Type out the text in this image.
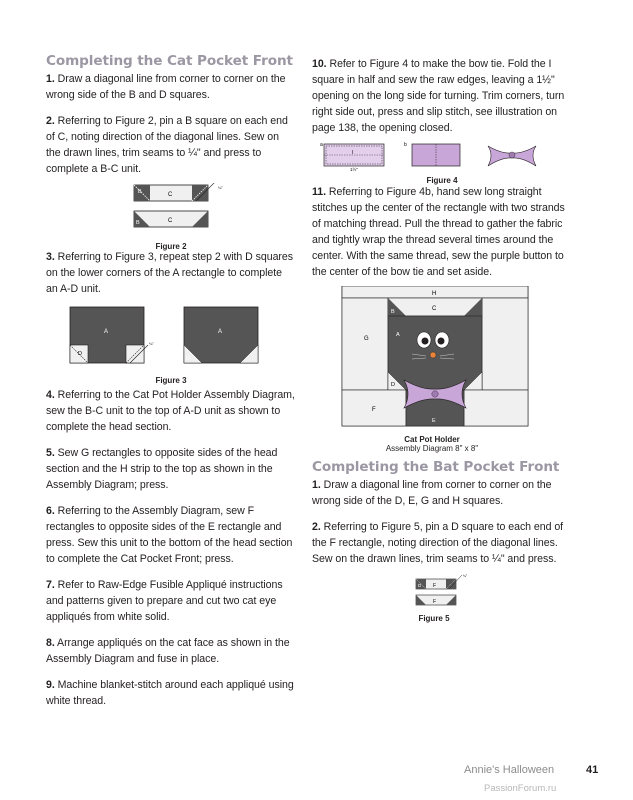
Completing the Cat Pocket Front

1. Draw a diagonal line from corner to corner on the wrong side of the B and D squares.

2. Referring to Figure 2, pin a B square on each end of C, noting direction of the diagonal lines. Sew on the drawn lines, trim seams to ¼" and press to complete a B-C unit.

¼"
B	C
B	C
Figure 2

3. Referring to Figure 3, repeat step 2 with D squares on the lower corners of the A rectangle to complete an A-D unit.

¼"
A
D
A
D
Figure 3

4. Referring to the Cat Pot Holder Assembly Diagram, sew the B-C unit to the top of A-D unit as shown to complete the head section.

5. Sew G rectangles to opposite sides of the head section and the H strip to the top as shown in the Assembly Diagram; press.

6. Referring to the Assembly Diagram, sew F rectangles to opposite sides of the E rectangle and press. Sew this unit to the bottom of the head section to complete the Cat Pocket Front; press.

7. Refer to Raw-Edge Fusible Appliqué instructions and patterns given to prepare and cut two cat eye appliqués from white solid.

8. Arrange appliqués on the cat face as shown in the Assembly Diagram and fuse in place.

9. Machine blanket-stitch around each appliqué using white thread.

10. Refer to Figure 4 to make the bow tie. Fold the I square in half and sew the raw edges, leaving a 1½" opening on the long side for turning. Trim corners, turn right side out, press and slip stitch, see illustration on page 138, the opening closed.

a
I
1½"
b
Figure 4

11. Referring to Figure 4b, hand sew long straight stitches up the center of the rectangle with two strands of matching thread. Pull the thread to gather the fabric and tightly wrap the thread several times around the center. With the same thread, sew the purple button to the center of the bow tie and set aside.

H
G
B	C
A
D
F
E
Cat Pot Holder
Assembly Diagram 8" x 8"
Completing the Bat Pocket Front

1. Draw a diagonal line from corner to corner on the wrong side of the D, E, G and H squares.

2. Referring to Figure 5, pin a D square to each end of the F rectangle, noting direction of the diagonal lines. Sew on the drawn lines, trim seams to ¼" and press.

¼"
D F
F
Figure 5
Annie's Halloween	41
PassionForum.ru
